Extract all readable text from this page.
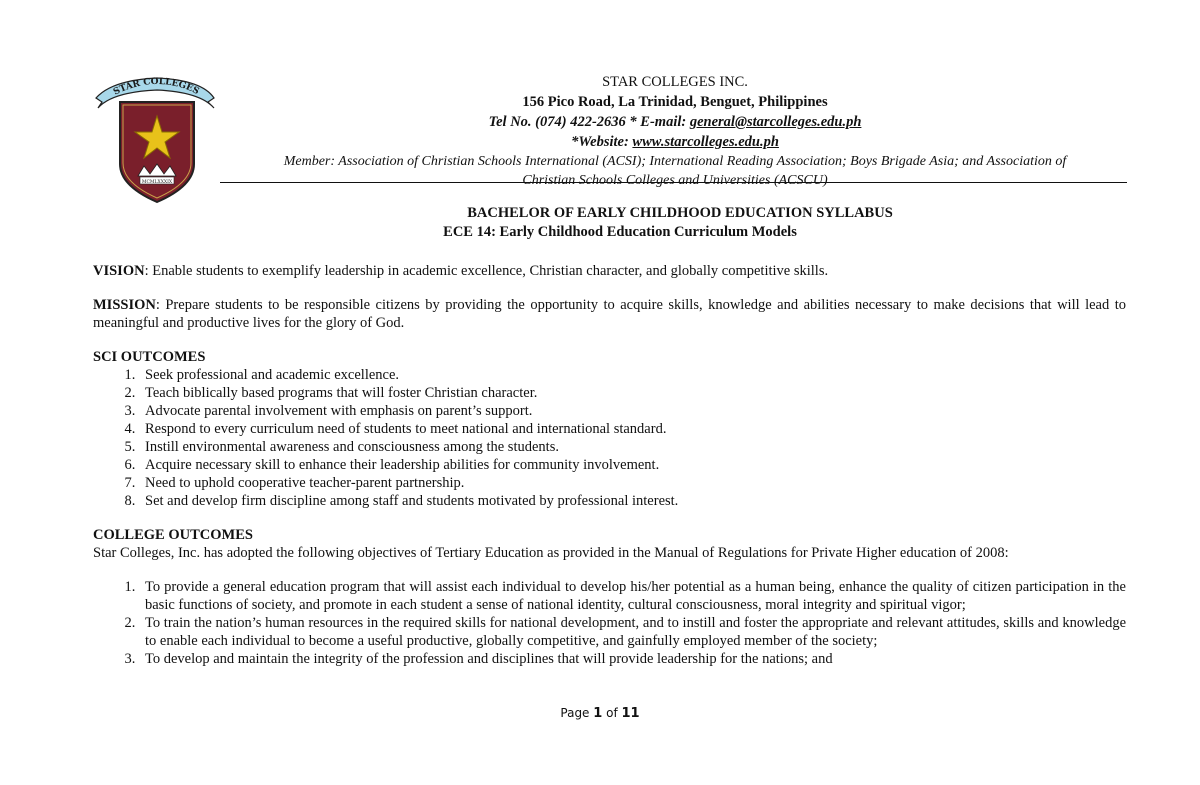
MCMLXXXIX
STAR COLLEGES
STAR COLLEGES INC.
156 Pico Road, La Trinidad, Benguet, Philippines
Tel No. (074) 422-2636 * E-mail: general@starcolleges.edu.ph
*Website: www.starcolleges.edu.ph
Member: Association of Christian Schools International (ACSI); International Reading Association; Boys Brigade Asia; and Association of
Christian Schools Colleges and Universities (ACSCU)
BACHELOR OF EARLY CHILDHOOD EDUCATION SYLLABUS
ECE 14: Early Childhood Education Curriculum Models

VISION: Enable students to exemplify leadership in academic excellence, Christian character, and globally competitive skills.

MISSION: Prepare students to be responsible citizens by providing the opportunity to acquire skills, knowledge and abilities necessary to make decisions that will lead to meaningful and productive lives for the glory of God.

SCI OUTCOMES

1. Seek professional and academic excellence.
2. Teach biblically based programs that will foster Christian character.
3. Advocate parental involvement with emphasis on parent’s support.
4. Respond to every curriculum need of students to meet national and international standard.
5. Instill environmental awareness and consciousness among the students.
6. Acquire necessary skill to enhance their leadership abilities for community involvement.
7. Need to uphold cooperative teacher-parent partnership.
8. Set and develop firm discipline among staff and students motivated by professional interest.

COLLEGE OUTCOMES

Star Colleges, Inc. has adopted the following objectives of Tertiary Education as provided in the Manual of Regulations for Private Higher education of 2008:

1. To provide a general education program that will assist each individual to develop his/her potential as a human being, enhance the quality of citizen participation in the basic functions of society, and promote in each student a sense of national identity, cultural consciousness, moral integrity and spiritual vigor;
2. To train the nation’s human resources in the required skills for national development, and to instill and foster the appropriate and relevant attitudes, skills and knowledge to enable each individual to become a useful productive, globally competitive, and gainfully employed member of the society;
3. To develop and maintain the integrity of the profession and disciplines that will provide leadership for the nations; and
Page 1 of 11
